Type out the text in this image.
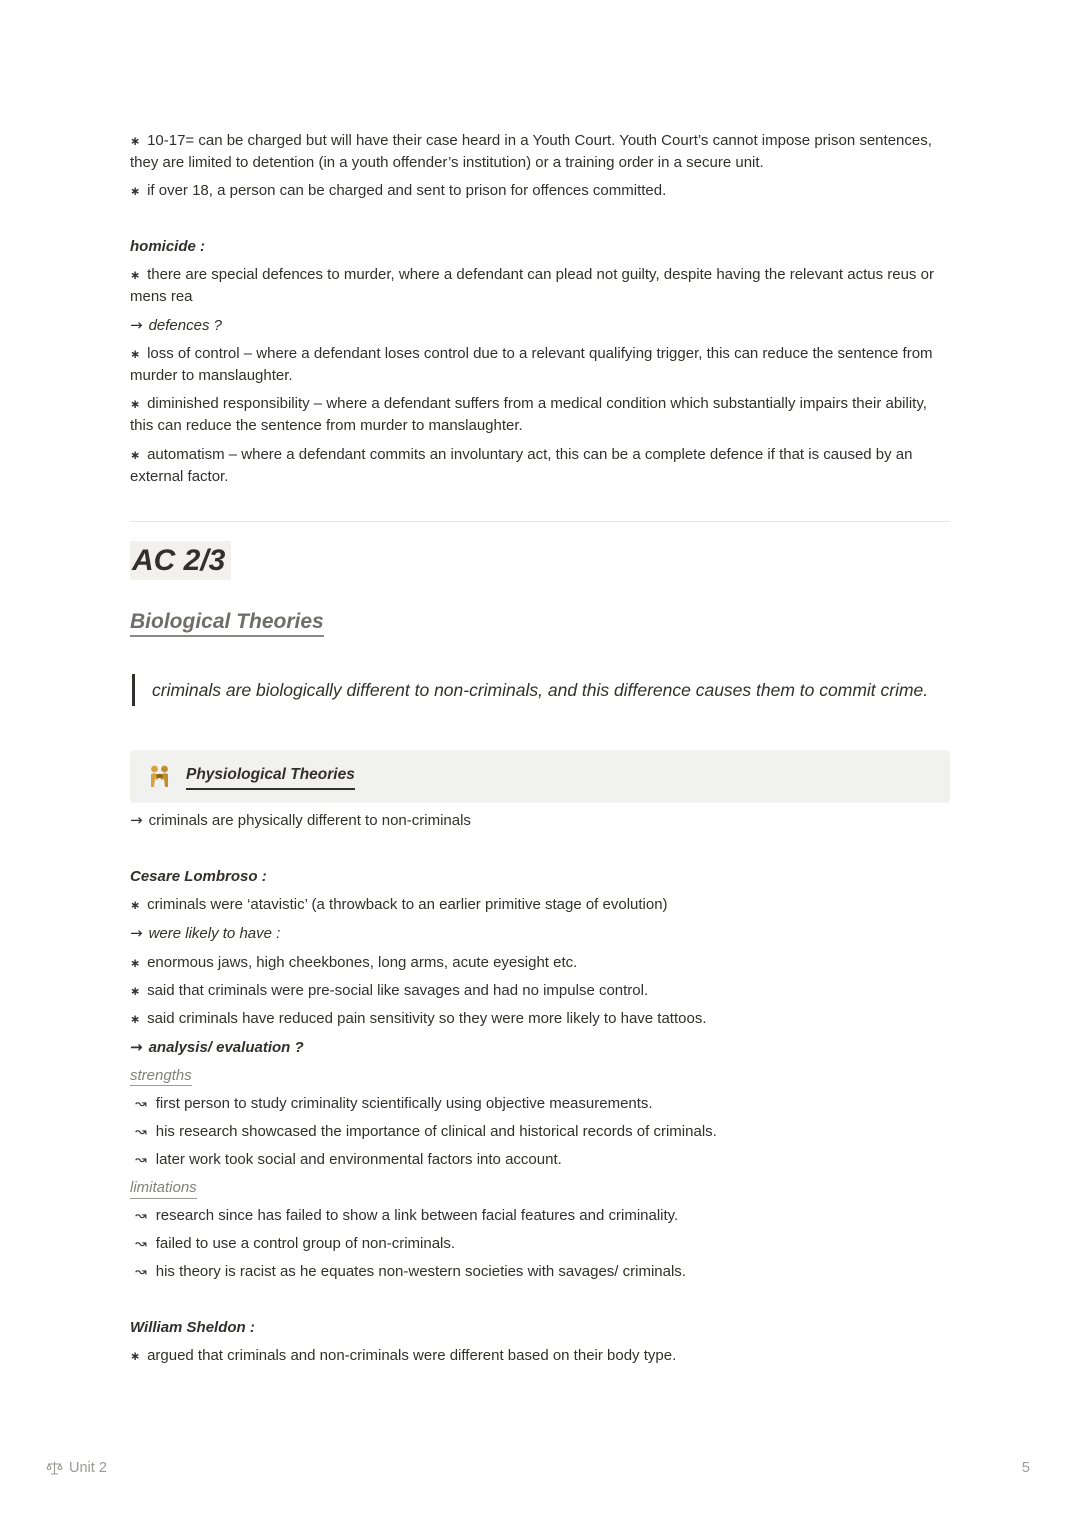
∗ 10-17= can be charged but will have their case heard in a Youth Court. Youth Court’s cannot impose prison sentences, they are limited to detention (in a youth offender’s institution) or a training order in a secure unit.

∗ if over 18, a person can be charged and sent to prison for offences committed.

homicide :

∗ there are special defences to murder, where a defendant can plead not guilty, despite having the relevant actus reus or mens rea

→ defences ?

∗ loss of control – where a defendant loses control due to a relevant qualifying trigger, this can reduce the sentence from murder to manslaughter.

∗ diminished responsibility – where a defendant suffers from a medical condition which substantially impairs their ability, this can reduce the sentence from murder to manslaughter.

∗ automatism – where a defendant commits an involuntary act, this can be a complete defence if that is caused by an external factor.

AC 2/3
Biological Theories
criminals are biologically different to non-criminals, and this difference causes them to commit crime.
Physiological Theories

→ criminals are physically different to non-criminals

Cesare Lombroso :

∗ criminals were ‘atavistic’ (a throwback to an earlier primitive stage of evolution)

→ were likely to have :

∗ enormous jaws, high cheekbones, long arms, acute eyesight etc.

∗ said that criminals were pre-social like savages and had no impulse control.

∗ said criminals have reduced pain sensitivity so they were more likely to have tattoos.

→ analysis/ evaluation ?

strengths

↝ first person to study criminality scientifically using objective measurements.

↝ his research showcased the importance of clinical and historical records of criminals.

↝ later work took social and environmental factors into account.

limitations

↝ research since has failed to show a link between facial features and criminality.

↝ failed to use a control group of non-criminals.

↝ his theory is racist as he equates non-western societies with savages/ criminals.

William Sheldon :

∗ argued that criminals and non-criminals were different based on their body type.

Unit 2	5
